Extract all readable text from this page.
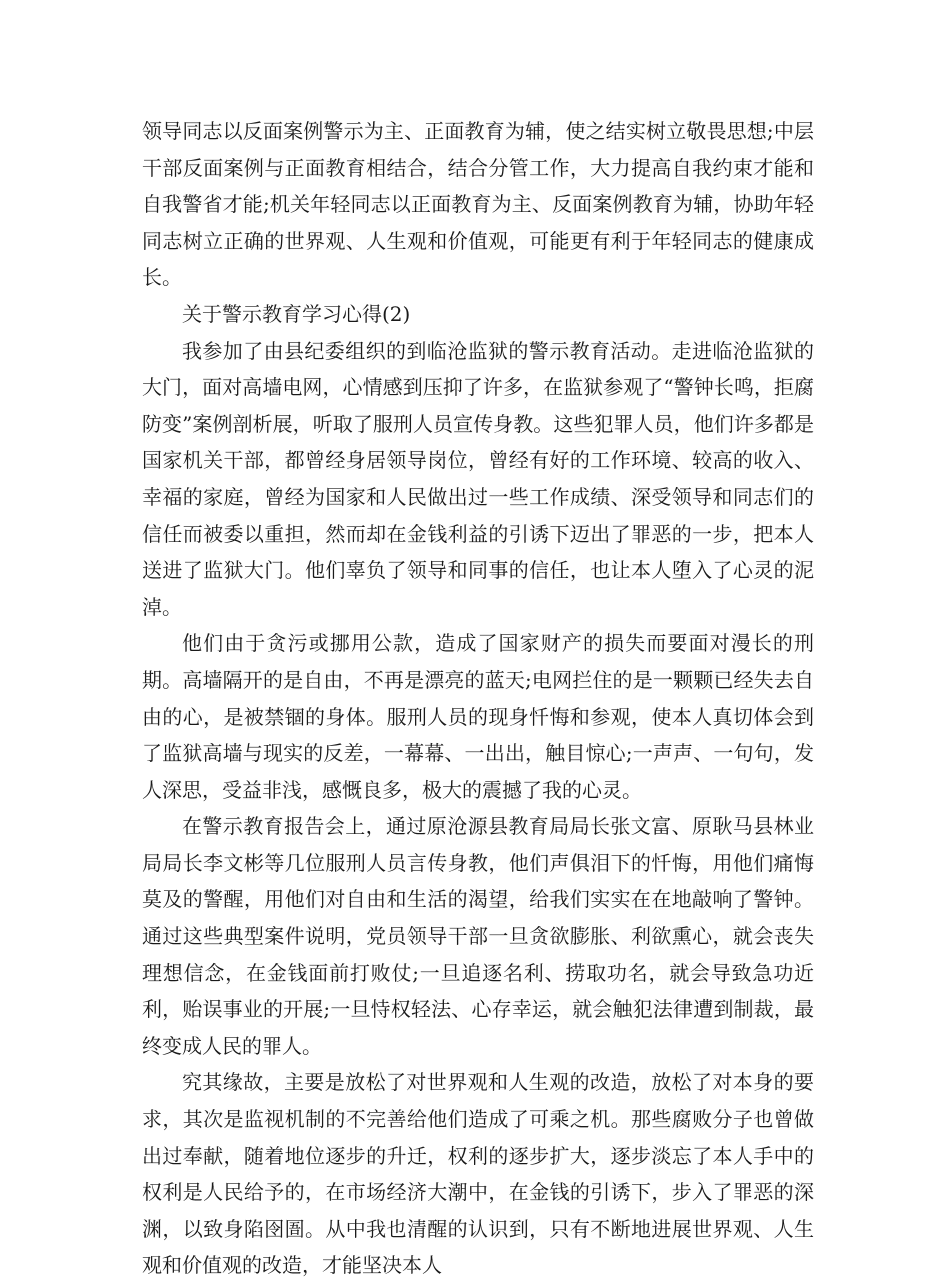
领导同志以反面案例警示为主、正面教育为辅，使之结实树立敬畏思想;中层干部反面案例与正面教育相结合，结合分管工作，大力提高自我约束才能和自我警省才能;机关年轻同志以正面教育为主、反面案例教育为辅，协助年轻同志树立正确的世界观、人生观和价值观，可能更有利于年轻同志的健康成长。

关于警示教育学习心得(2)

我参加了由县纪委组织的到临沧监狱的警示教育活动。走进临沧监狱的大门，面对高墙电网，心情感到压抑了许多，在监狱参观了“警钟长鸣，拒腐防变”案例剖析展，听取了服刑人员宣传身教。这些犯罪人员，他们许多都是国家机关干部，都曾经身居领导岗位，曾经有好的工作环境、较高的收入、幸福的家庭，曾经为国家和人民做出过一些工作成绩、深受领导和同志们的信任而被委以重担，然而却在金钱利益的引诱下迈出了罪恶的一步，把本人送进了监狱大门。他们辜负了领导和同事的信任，也让本人堕入了心灵的泥淖。

他们由于贪污或挪用公款，造成了国家财产的损失而要面对漫长的刑期。高墙隔开的是自由，不再是漂亮的蓝天;电网拦住的是一颗颗已经失去自由的心，是被禁锢的身体。服刑人员的现身忏悔和参观，使本人真切体会到了监狱高墙与现实的反差，一幕幕、一出出，触目惊心;一声声、一句句，发人深思，受益非浅，感慨良多，极大的震撼了我的心灵。

在警示教育报告会上，通过原沧源县教育局局长张文富、原耿马县林业局局长李文彬等几位服刑人员言传身教，他们声俱泪下的忏悔，用他们痛悔莫及的警醒，用他们对自由和生活的渴望，给我们实实在在地敲响了警钟。通过这些典型案件说明，党员领导干部一旦贪欲膨胀、利欲熏心，就会丧失理想信念，在金钱面前打败仗;一旦追逐名利、捞取功名，就会导致急功近利，贻误事业的开展;一旦恃权轻法、心存幸运，就会触犯法律遭到制裁，最终变成人民的罪人。

究其缘故，主要是放松了对世界观和人生观的改造，放松了对本身的要求，其次是监视机制的不完善给他们造成了可乘之机。那些腐败分子也曾做出过奉献，随着地位逐步的升迁，权利的逐步扩大，逐步淡忘了本人手中的权利是人民给予的，在市场经济大潮中，在金钱的引诱下，步入了罪恶的深渊，以致身陷囹圄。从中我也清醒的认识到，只有不断地进展世界观、人生观和价值观的改造，才能坚决本人
